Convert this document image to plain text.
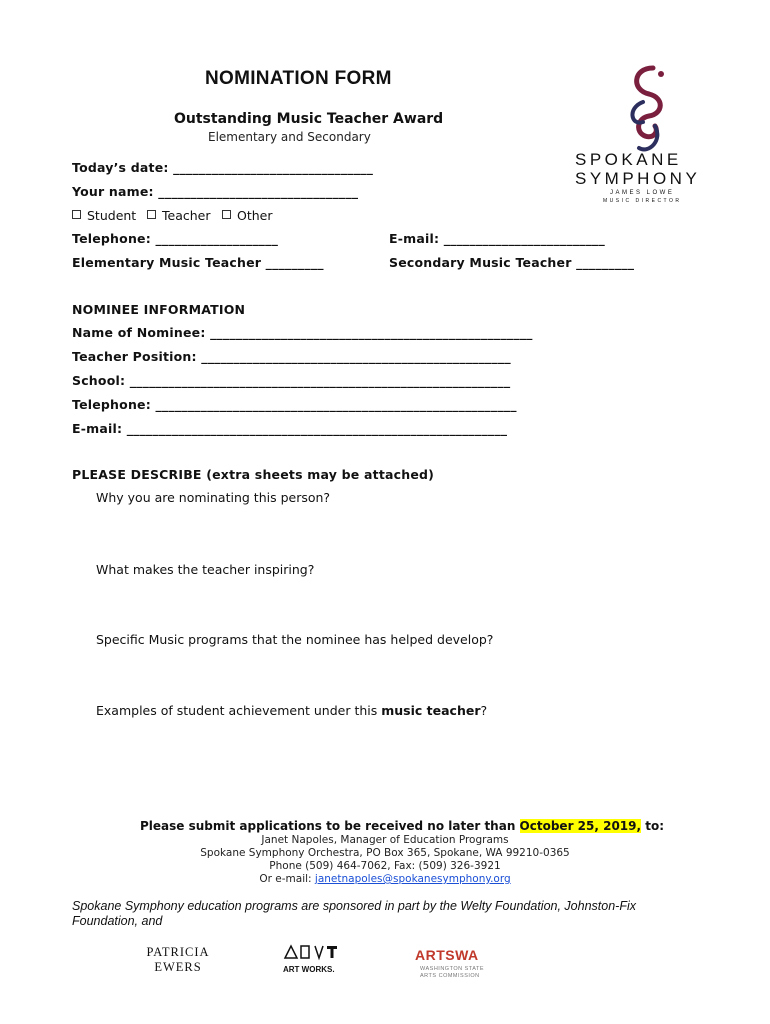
NOMINATION FORM
Outstanding Music Teacher Award
Elementary and Secondary
SPOKANE
SYMPHONY
JAMES LOWE
MUSIC DIRECTOR
Today’s date: _______________________________
Your name: _______________________________
Student	Teacher	Other
Telephone: ___________________	E-mail: _________________________
Elementary Music Teacher _________	Secondary Music Teacher _________
NOMINEE INFORMATION
Name of Nominee: __________________________________________________
Teacher Position: ________________________________________________
School: ___________________________________________________________
Telephone: ________________________________________________________
E-mail: ___________________________________________________________
PLEASE DESCRIBE (extra sheets may be attached)
Why you are nominating this person?
What makes the teacher inspiring?
Specific Music programs that the nominee has helped develop?
Examples of student achievement under this music teacher?
Please submit applications to be received no later than October 25, 2019, to:
Janet Napoles, Manager of Education Programs
Spokane Symphony Orchestra, PO Box 365, Spokane, WA 99210-0365
Phone (509) 464-7062, Fax: (509) 326-3921
Or e-mail: janetnapoles@spokanesymphony.org
Spokane Symphony education programs are sponsored in part by the Welty Foundation, Johnston-Fix Foundation, and
PATRICIA
EWERS	ART WORKS.
ARTSWA
WASHINGTON STATE
ARTS COMMISSION
